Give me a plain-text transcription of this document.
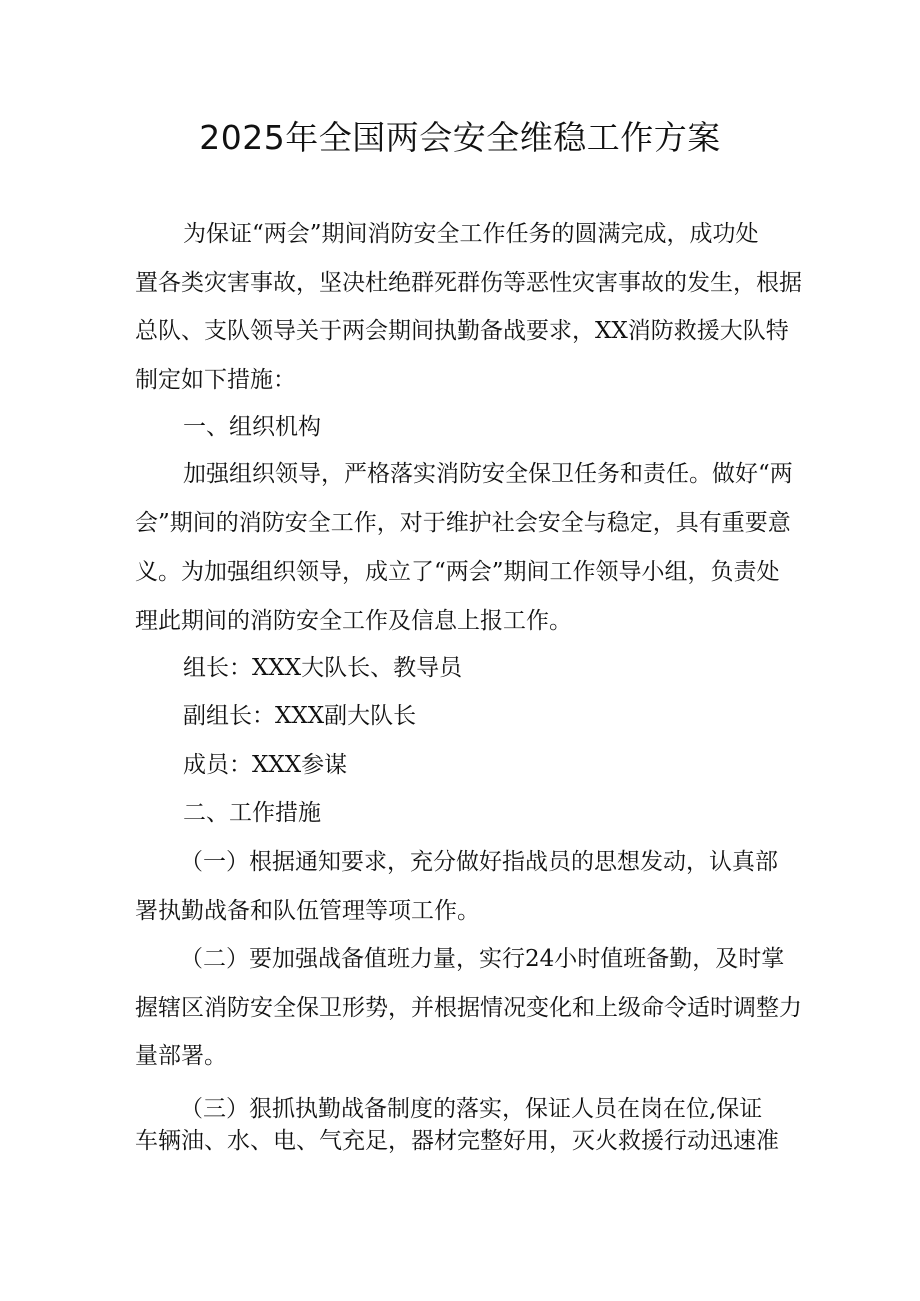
2025年全国两会安全维稳工作方案
为保证“两会”期间消防安全工作任务的圆满完成，成功处
置各类灾害事故，坚决杜绝群死群伤等恶性灾害事故的发生，根据
总队、支队领导关于两会期间执勤备战要求，XX消防救援大队特
制定如下措施：
一、组织机构
加强组织领导，严格落实消防安全保卫任务和责任。做好“两
会”期间的消防安全工作，对于维护社会安全与稳定，具有重要意
义。为加强组织领导，成立了“两会”期间工作领导小组，负责处
理此期间的消防安全工作及信息上报工作。
组长：XXX大队长、教导员
副组长：XXX副大队长
成员：XXX参谋
二、工作措施
（一）根据通知要求，充分做好指战员的思想发动，认真部
署执勤战备和队伍管理等项工作。
（二）要加强战备值班力量，实行24小时值班备勤，及时掌
握辖区消防安全保卫形势，并根据情况变化和上级命令适时调整力
量部署。
（三）狠抓执勤战备制度的落实，保证人员在岗在位,保证
车辆油、水、电、气充足，器材完整好用，灭火救援行动迅速准
